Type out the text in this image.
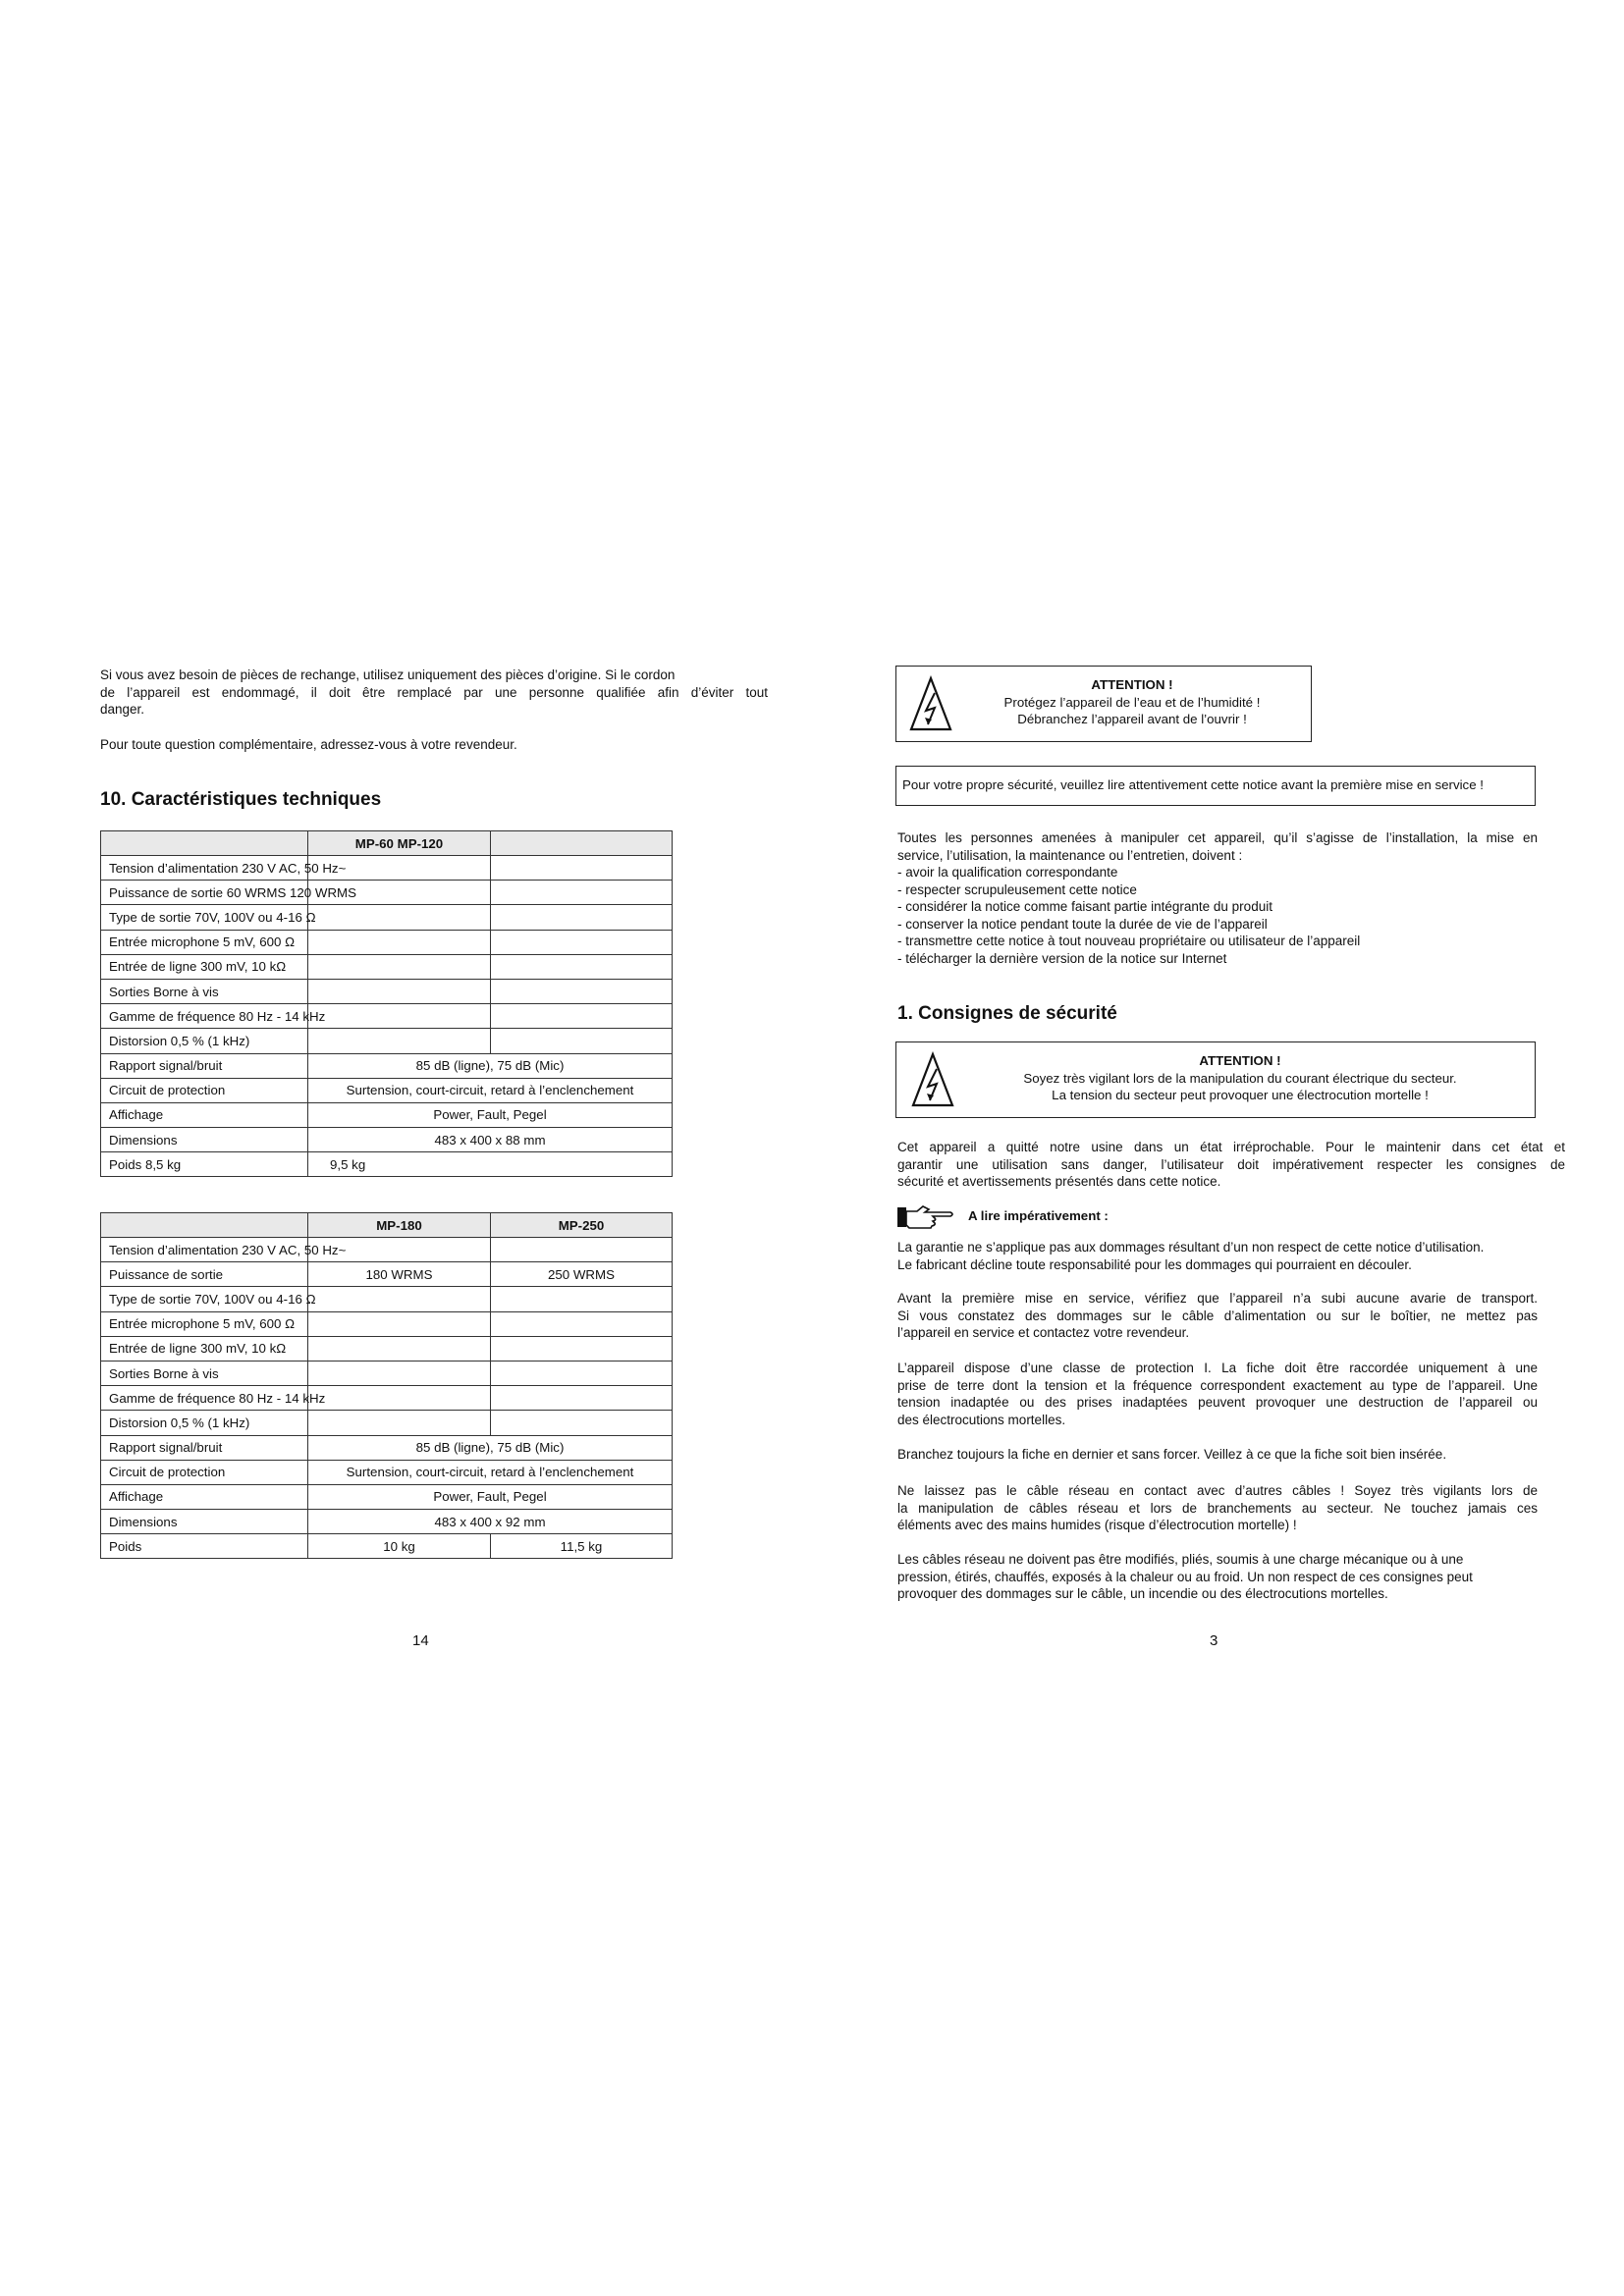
Si vous avez besoin de pièces de rechange, utilisez uniquement des pièces d’origine. Si le cordon
de l’appareil est endommagé, il doit être remplacé par une personne qualifiée afin d’éviter tout
danger.
Pour toute question complémentaire, adressez-vous à votre revendeur.
10. Caractéristiques techniques
	MP-60 MP-120	
Tension d’alimentation 230 V AC, 50 Hz~		
Puissance de sortie 60 WRMS 120 WRMS		
Type de sortie 70V, 100V ou 4-16 Ω		
Entrée microphone 5 mV, 600 Ω		
Entrée de ligne 300 mV, 10 kΩ		
Sorties Borne à vis		
Gamme de fréquence 80 Hz - 14 kHz		
Distorsion 0,5 % (1 kHz)		
Rapport signal/bruit	85 dB (ligne), 75 dB (Mic)	
Circuit de protection	Surtension, court-circuit, retard à l’enclenchement	
Affichage	Power, Fault, Pegel	
Dimensions	483 x 400 x 88 mm	
Poids 8,5 kg	9,5 kg	
	MP-180	MP-250
Tension d’alimentation 230 V AC, 50 Hz~		
Puissance de sortie	180 WRMS	250 WRMS
Type de sortie 70V, 100V ou 4-16 Ω		
Entrée microphone 5 mV, 600 Ω		
Entrée de ligne 300 mV, 10 kΩ		
Sorties Borne à vis		
Gamme de fréquence 80 Hz - 14 kHz		
Distorsion 0,5 % (1 kHz)		
Rapport signal/bruit	85 dB (ligne), 75 dB (Mic)	
Circuit de protection	Surtension, court-circuit, retard à l’enclenchement	
Affichage	Power, Fault, Pegel	
Dimensions	483 x 400 x 92 mm	
Poids	10 kg	11,5 kg
14
ATTENTION !
Protégez l’appareil de l’eau et de l’humidité !
Débranchez l’appareil avant de l’ouvrir !
Pour votre propre sécurité, veuillez lire attentivement cette notice avant la première mise en service !
Toutes les personnes amenées à manipuler cet appareil, qu’il s’agisse de l’installation, la mise en
service, l’utilisation, la maintenance ou l’entretien, doivent :
- avoir la qualification correspondante
- respecter scrupuleusement cette notice
- considérer la notice comme faisant partie intégrante du produit
- conserver la notice pendant toute la durée de vie de l’appareil
- transmettre cette notice à tout nouveau propriétaire ou utilisateur de l’appareil
- télécharger la dernière version de la notice sur Internet
1. Consignes de sécurité
ATTENTION !
Soyez très vigilant lors de la manipulation du courant électrique du secteur.
La tension du secteur peut provoquer une électrocution mortelle !
Cet appareil a quitté notre usine dans un état irréprochable. Pour le maintenir dans cet état et
garantir une utilisation sans danger, l’utilisateur doit impérativement respecter les consignes de
sécurité et avertissements présentés dans cette notice.
A lire impérativement :
La garantie ne s’applique pas aux dommages résultant d’un non respect de cette notice d’utilisation.
Le fabricant décline toute responsabilité pour les dommages qui pourraient en découler.
Avant la première mise en service, vérifiez que l’appareil n’a subi aucune avarie de transport.
Si vous constatez des dommages sur le câble d’alimentation ou sur le boîtier, ne mettez pas
l’appareil en service et contactez votre revendeur.
L’appareil dispose d’une classe de protection I. La fiche doit être raccordée uniquement à une
prise de terre dont la tension et la fréquence correspondent exactement au type de l’appareil. Une
tension inadaptée ou des prises inadaptées peuvent provoquer une destruction de l’appareil ou
des électrocutions mortelles.
Branchez toujours la fiche en dernier et sans forcer. Veillez à ce que la fiche soit bien insérée.
Ne laissez pas le câble réseau en contact avec d’autres câbles ! Soyez très vigilants lors de
la manipulation de câbles réseau et lors de branchements au secteur. Ne touchez jamais ces
éléments avec des mains humides (risque d’électrocution mortelle) !
Les câbles réseau ne doivent pas être modifiés, pliés, soumis à une charge mécanique ou à une
pression, étirés, chauffés, exposés à la chaleur ou au froid. Un non respect de ces consignes peut
provoquer des dommages sur le câble, un incendie ou des électrocutions mortelles.
3
